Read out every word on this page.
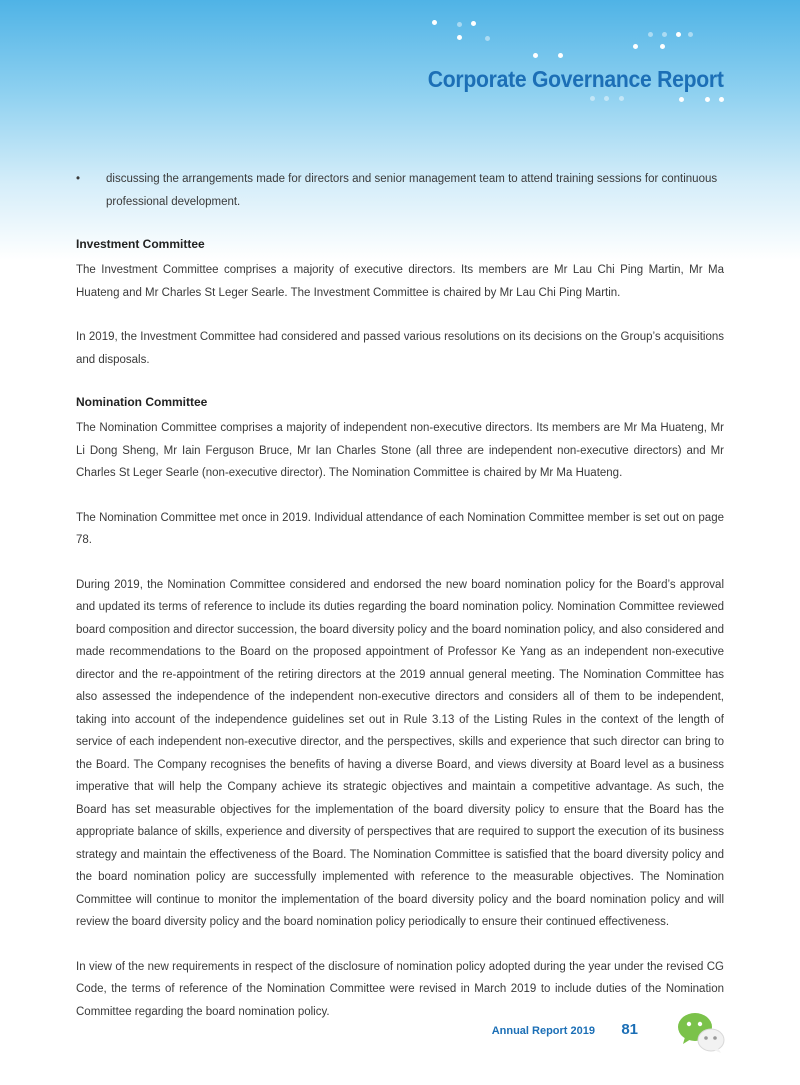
Corporate Governance Report
•	discussing the arrangements made for directors and senior management team to attend training sessions for continuous professional development.
Investment Committee

The Investment Committee comprises a majority of executive directors. Its members are Mr Lau Chi Ping Martin, Mr Ma Huateng and Mr Charles St Leger Searle. The Investment Committee is chaired by Mr Lau Chi Ping Martin.

In 2019, the Investment Committee had considered and passed various resolutions on its decisions on the Group’s acquisitions and disposals.

Nomination Committee

The Nomination Committee comprises a majority of independent non-executive directors. Its members are Mr Ma Huateng, Mr Li Dong Sheng, Mr Iain Ferguson Bruce, Mr Ian Charles Stone (all three are independent non-executive directors) and Mr Charles St Leger Searle (non-executive director). The Nomination Committee is chaired by Mr Ma Huateng.

The Nomination Committee met once in 2019. Individual attendance of each Nomination Committee member is set out on page 78.

During 2019, the Nomination Committee considered and endorsed the new board nomination policy for the Board’s approval and updated its terms of reference to include its duties regarding the board nomination policy. Nomination Committee reviewed board composition and director succession, the board diversity policy and the board nomination policy, and also considered and made recommendations to the Board on the proposed appointment of Professor Ke Yang as an independent non-executive director and the re-appointment of the retiring directors at the 2019 annual general meeting. The Nomination Committee has also assessed the independence of the independent non-executive directors and considers all of them to be independent, taking into account of the independence guidelines set out in Rule 3.13 of the Listing Rules in the context of the length of service of each independent non-executive director, and the perspectives, skills and experience that such director can bring to the Board. The Company recognises the benefits of having a diverse Board, and views diversity at Board level as a business imperative that will help the Company achieve its strategic objectives and maintain a competitive advantage. As such, the Board has set measurable objectives for the implementation of the board diversity policy to ensure that the Board has the appropriate balance of skills, experience and diversity of perspectives that are required to support the execution of its business strategy and maintain the effectiveness of the Board. The Nomination Committee is satisfied that the board diversity policy and the board nomination policy are successfully implemented with reference to the measurable objectives. The Nomination Committee will continue to monitor the implementation of the board diversity policy and the board nomination policy and will review the board diversity policy and the board nomination policy periodically to ensure their continued effectiveness.

In view of the new requirements in respect of the disclosure of nomination policy adopted during the year under the revised CG Code, the terms of reference of the Nomination Committee were revised in March 2019 to include duties of the Nomination Committee regarding the board nomination policy.

Annual Report 2019 81
